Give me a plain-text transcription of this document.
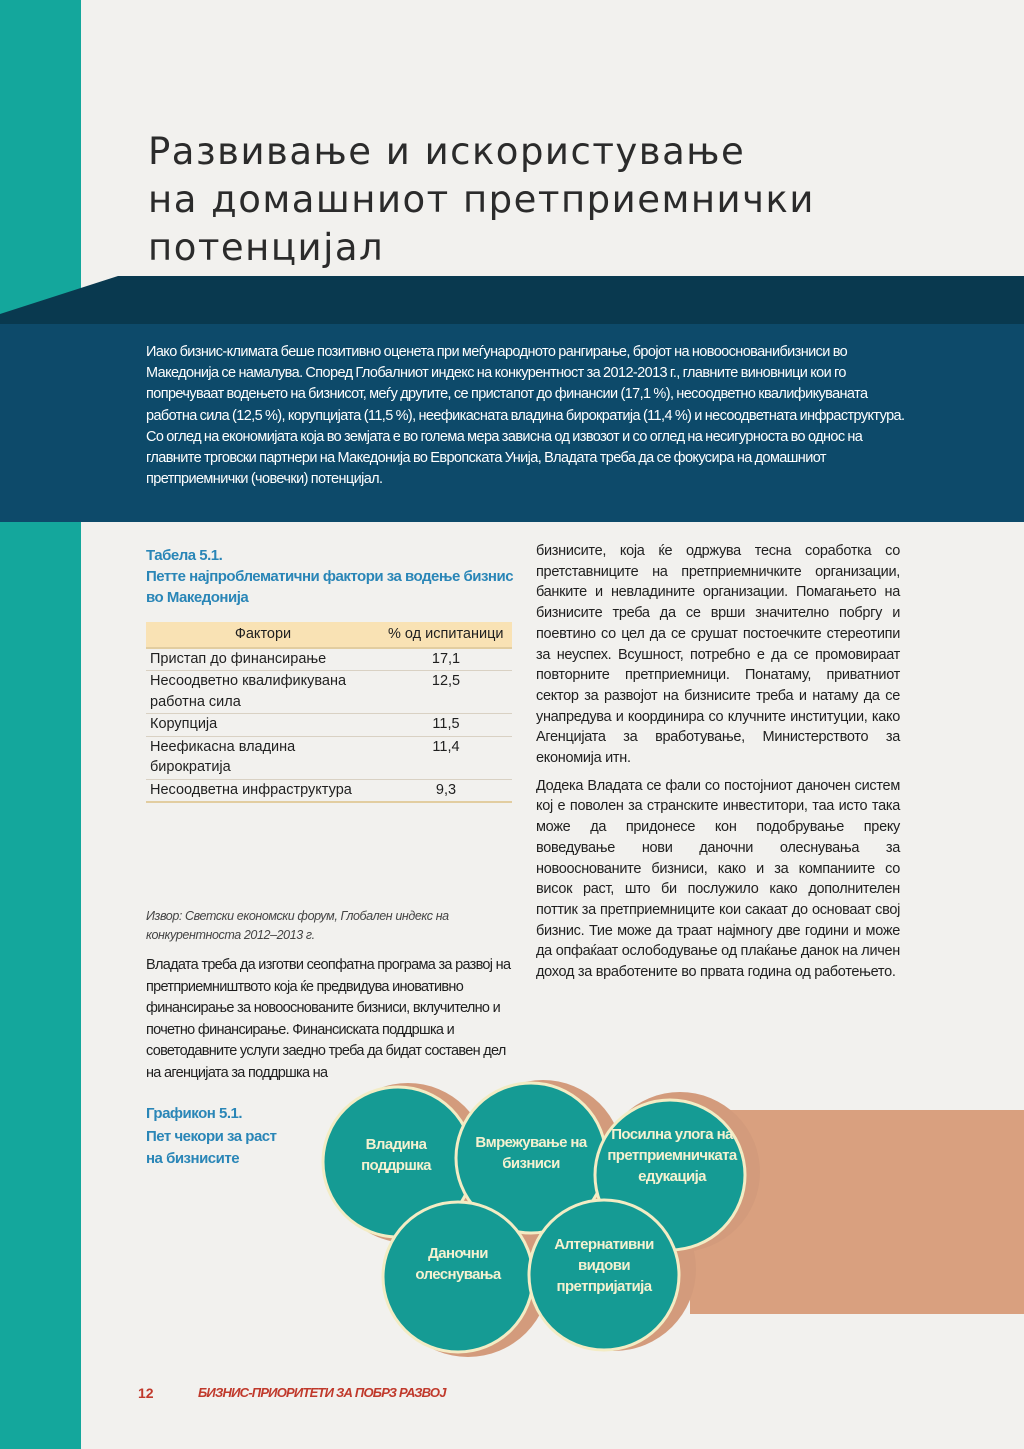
Развивање и искористување
на домашниот претприемнички
потенцијал

Иако бизнис-климата беше позитивно оценета при меѓународното рангирање, бројот на новооснованибизниси во Македонија се намалува. Според Глобалниот индекс на конкурентност за 2012-2013 г., главните виновници кои го попречуваат водењето на бизнисот, меѓу другите, се пристапот до финансии (17,1 %), несоодветно квалификуваната работна сила (12,5 %), корупцијата (11,5 %), неефикасната владина бирократија (11,4 %) и несоодветната инфраструктура. Со оглед на економијата која во земјата е во голема мера зависна од извозот и со оглед на несигурноста во однос на главните трговски партнери на Македонија во Европската Унија, Владата треба да се фокусира на домашниот претприемнички (човечки) потенцијал.

Табела 5.1.
Петте најпроблематични фактори за водење бизнис во Македонија
Фактори	% од испитаници
Пристап до финансирање	17,1
Несоодветно квалификувана работна сила	12,5
Корупција	11,5
Неефикасна владина бирократија	11,4
Несоодветна инфраструктура	9,3
Извор: Светски економски форум, Глобален индекс на конкурентноста 2012–2013 г.

Владата треба да изготви сеопфатна програма за развој на претприемништвото која ќе предвидува иновативно финансирање за новооснованите бизниси, вклучително и почетно финансирање. Финансиската поддршка и советодавните услуги заедно треба да бидат составен дел на агенцијата за поддршка на

Графикон 5.1.
Пет чекори за раст на бизнисите

бизнисите, која ќе одржува тесна соработка со претставниците на претприемничките организации, банките и невладините организации. Помагањето на бизнисите треба да се врши значително побргу и поевтино со цел да се срушат постоечките стереотипи за неуспех. Всушност, потребно е да се промовираат повторните претприемници. Понатаму, приватниот сектор за развојот на бизнисите треба и натаму да се унапредува и координира со клучните институции, како Агенцијата за вработување, Министерството за економија итн.

Додека Владата се фали со постојниот даночен систем кој е поволен за странските инвеститори, таа исто така може да придонесе кон подобрување преку воведување нови даночни олеснувања за новооснованите бизниси, како и за компаниите со висок раст, што би послужило како дополнителен поттик за претприемниците кои сакаат до основаат свој бизнис. Тие може да траат најмногу две години и може да опфаќаат ослободување од плаќање данок на личен доход за вработените во првата година од работењето.

Владина поддршка
Вмрежување на бизниси
Посилна улога на претприемничката едукација
Даночни олеснувања
Алтернативни видови претпријатија
12	БИЗНИС-ПРИОРИТЕТИ ЗА ПОБРЗ РАЗВОЈ
